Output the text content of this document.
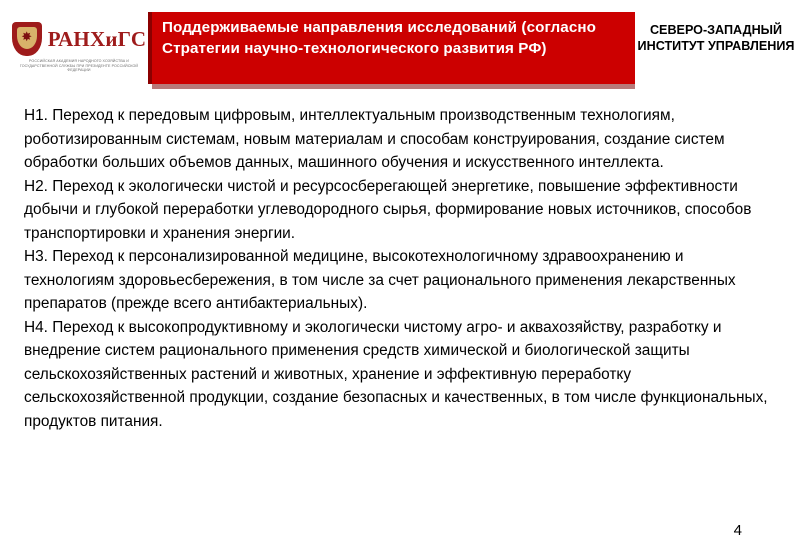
✸ РАНХиГС
РОССИЙСКАЯ АКАДЕМИЯ НАРОДНОГО ХОЗЯЙСТВА И ГОСУДАРСТВЕННОЙ СЛУЖБЫ ПРИ ПРЕЗИДЕНТЕ РОССИЙСКОЙ ФЕДЕРАЦИИ
Поддерживаемые направления исследований (согласно Стратегии научно-технологического развития РФ)
СЕВЕРО-ЗАПАДНЫЙ ИНСТИТУТ УПРАВЛЕНИЯ

Н1. Переход к передовым цифровым, интеллектуальным производственным технологиям, роботизированным системам, новым материалам и способам конструирования, создание систем обработки больших объемов данных, машинного обучения и искусственного интеллекта.

Н2. Переход к экологически чистой и ресурсосберегающей энергетике, повышение эффективности добычи и глубокой переработки углеводородного сырья, формирование новых источников, способов транспортировки и хранения энергии.

Н3. Переход к персонализированной медицине, высокотехнологичному здравоохранению и технологиям здоровьесбережения, в том числе за счет рационального применения лекарственных препаратов (прежде всего антибактериальных).

Н4. Переход к высокопродуктивному и экологически чистому агро- и аквахозяйству, разработку и внедрение систем рационального применения средств химической и биологической защиты сельскохозяйственных растений и животных, хранение и эффективную переработку сельскохозяйственной продукции, создание безопасных и качественных, в том числе функциональных, продуктов питания.

4
